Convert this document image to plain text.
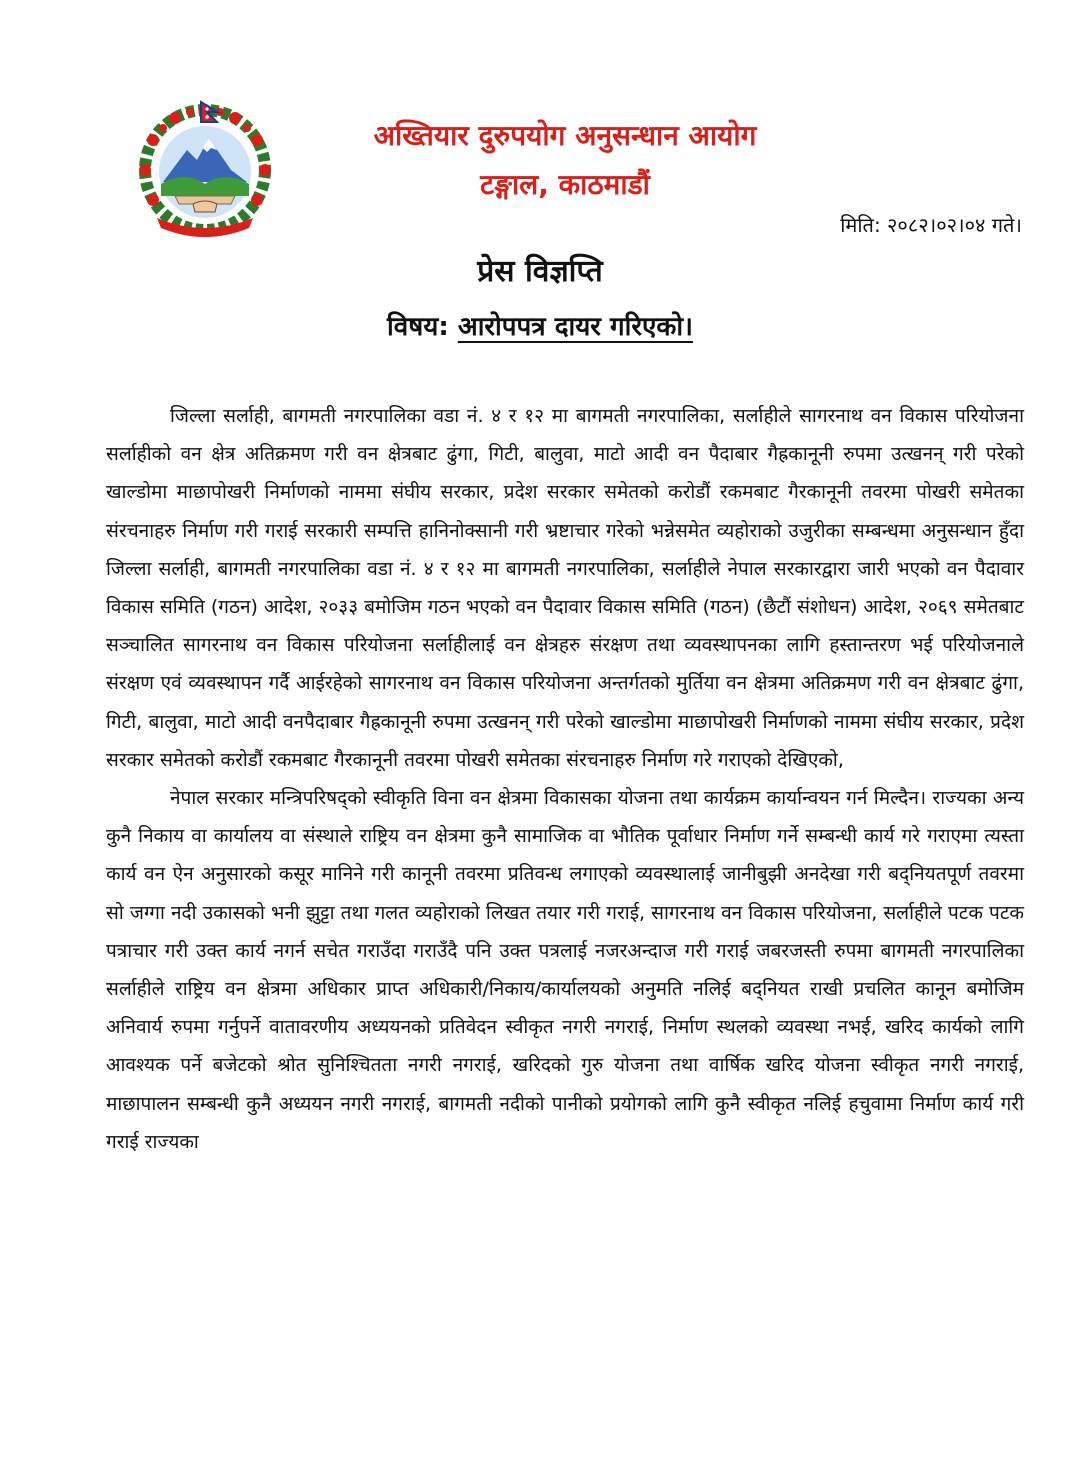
अख्तियार दुरुपयोग अनुसन्धान आयोग
टङ्गाल, काठमाडौं
मिति: २०८२।०२।०४ गते।
प्रेस विज्ञप्ति
विषय: आरोपपत्र दायर गरिएको।

जिल्ला सर्लाही, बागमती नगरपालिका वडा नं. ४ र १२ मा बागमती नगरपालिका, सर्लाहीले सागरनाथ वन विकास परियोजना सर्लाहीको वन क्षेत्र अतिक्रमण गरी वन क्षेत्रबाट ढुंगा, गिटी, बालुवा, माटो आदी वन पैदाबार गैह्रकानूनी रुपमा उत्खनन् गरी परेको खाल्डोमा माछापोखरी निर्माणको नाममा संघीय सरकार, प्रदेश सरकार समेतको करोडौं रकमबाट गैरकानूनी तवरमा पोखरी समेतका संरचनाहरु निर्माण गरी गराई सरकारी सम्पत्ति हानिनोक्सानी गरी भ्रष्टाचार गरेको भन्नेसमेत व्यहोराको उजुरीका सम्बन्धमा अनुसन्धान हुँदा जिल्ला सर्लाही, बागमती नगरपालिका वडा नं. ४ र १२ मा बागमती नगरपालिका, सर्लाहीले नेपाल सरकारद्वारा जारी भएको वन पैदावार विकास समिति (गठन) आदेश, २०३३ बमोजिम गठन भएको वन पैदावार विकास समिति (गठन) (छैटौं संशोधन) आदेश, २०६९ समेतबाट सञ्चालित सागरनाथ वन विकास परियोजना सर्लाहीलाई वन क्षेत्रहरु संरक्षण तथा व्यवस्थापनका लागि हस्तान्तरण भई परियोजनाले संरक्षण एवं व्यवस्थापन गर्दै आईरहेको सागरनाथ वन विकास परियोजना अन्तर्गतको मुर्तिया वन क्षेत्रमा अतिक्रमण गरी वन क्षेत्रबाट ढुंगा, गिटी, बालुवा, माटो आदी वनपैदाबार गैह्रकानूनी रुपमा उत्खनन् गरी परेको खाल्डोमा माछापोखरी निर्माणको नाममा संघीय सरकार, प्रदेश सरकार समेतको करोडौं रकमबाट गैरकानूनी तवरमा पोखरी समेतका संरचनाहरु निर्माण गरे गराएको देखिएको,

नेपाल सरकार मन्त्रिपरिषद्को स्वीकृति विना वन क्षेत्रमा विकासका योजना तथा कार्यक्रम कार्यान्वयन गर्न मिल्दैन। राज्यका अन्य कुनै निकाय वा कार्यालय वा संस्थाले राष्ट्रिय वन क्षेत्रमा कुनै सामाजिक वा भौतिक पूर्वाधार निर्माण गर्ने सम्बन्धी कार्य गरे गराएमा त्यस्ता कार्य वन ऐन अनुसारको कसूर मानिने गरी कानूनी तवरमा प्रतिवन्ध लगाएको व्यवस्थालाई जानीबुझी अनदेखा गरी बद्नियतपूर्ण तवरमा सो जग्गा नदी उकासको भनी झुट्टा तथा गलत व्यहोराको लिखत तयार गरी गराई, सागरनाथ वन विकास परियोजना, सर्लाहीले पटक पटक पत्राचार गरी उक्त कार्य नगर्न सचेत गराउँदा गराउँदै पनि उक्त पत्रलाई नजरअन्दाज गरी गराई जबरजस्ती रुपमा बागमती नगरपालिका सर्लाहीले राष्ट्रिय वन क्षेत्रमा अधिकार प्राप्त अधिकारी/निकाय/कार्यालयको अनुमति नलिई बद्नियत राखी प्रचलित कानून बमोजिम अनिवार्य रुपमा गर्नुपर्ने वातावरणीय अध्ययनको प्रतिवेदन स्वीकृत नगरी नगराई, निर्माण स्थलको व्यवस्था नभई, खरिद कार्यको लागि आवश्यक पर्ने बजेटको श्रोत सुनिश्चितता नगरी नगराई, खरिदको गुरु योजना तथा वार्षिक खरिद योजना स्वीकृत नगरी नगराई, माछापालन सम्बन्धी कुनै अध्ययन नगरी नगराई, बागमती नदीको पानीको प्रयोगको लागि कुनै स्वीकृत नलिई हचुवामा निर्माण कार्य गरी गराई राज्यका
